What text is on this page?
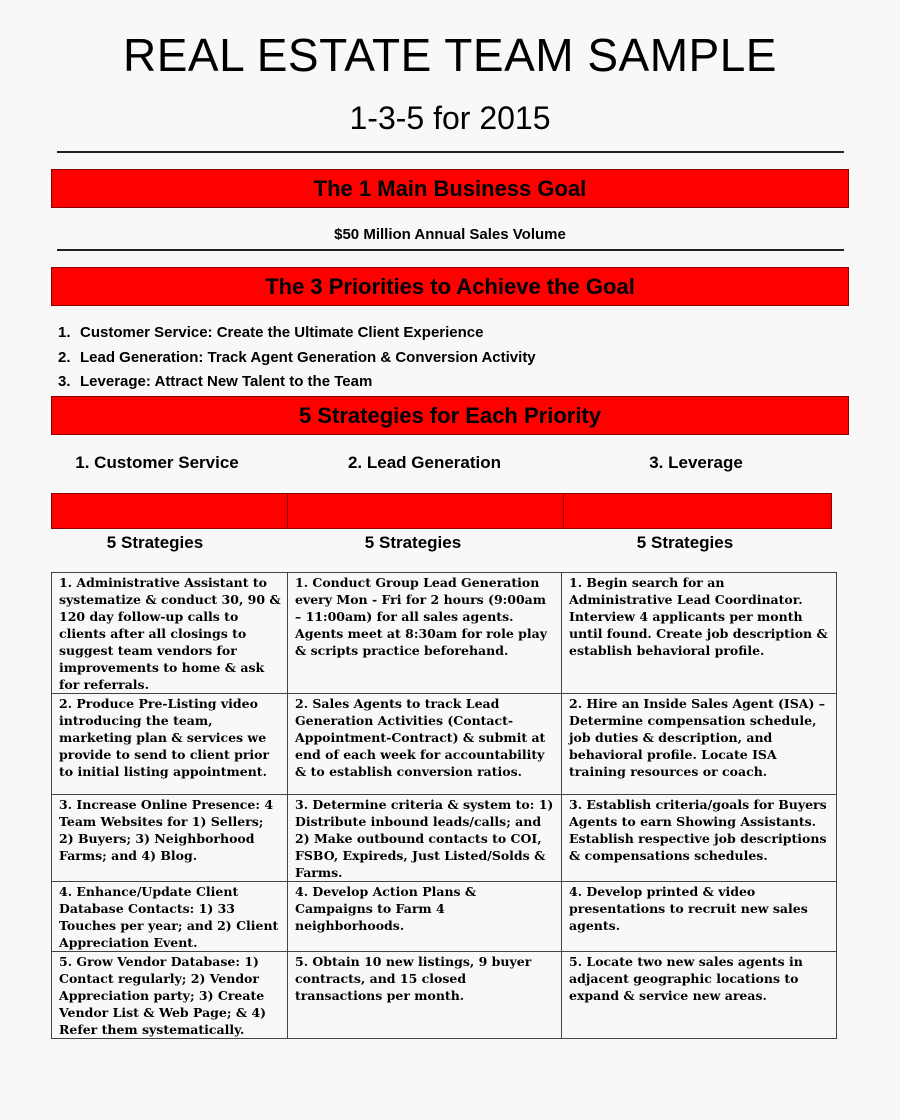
REAL ESTATE TEAM SAMPLE
1-3-5 for 2015
The 1 Main Business Goal
$50 Million Annual Sales Volume
The 3 Priorities to Achieve the Goal
1. Customer Service: Create the Ultimate Client Experience
2. Lead Generation: Track Agent Generation & Conversion Activity
3. Leverage: Attract New Talent to the Team
5 Strategies for Each Priority
1. Customer Service	2. Lead Generation	3. Leverage
5 Strategies	5 Strategies	5 Strategies
1. Administrative Assistant to systematize & conduct 30, 90 & 120 day follow-up calls to clients after all closings to suggest team vendors for improvements to home & ask for referrals.	1. Conduct Group Lead Generation every Mon - Fri for 2 hours (9:00am – 11:00am) for all sales agents. Agents meet at 8:30am for role play & scripts practice beforehand.	1. Begin search for an Administrative Lead Coordinator. Interview 4 applicants per month until found. Create job description & establish behavioral profile.
2. Produce Pre-Listing video introducing the team, marketing plan & services we provide to send to client prior to initial listing appointment.	2. Sales Agents to track Lead Generation Activities (Contact-Appointment-Contract) & submit at end of each week for accountability & to establish conversion ratios.	2. Hire an Inside Sales Agent (ISA) – Determine compensation schedule, job duties & description, and behavioral profile. Locate ISA training resources or coach.
3. Increase Online Presence: 4 Team Websites for 1) Sellers; 2) Buyers; 3) Neighborhood Farms; and 4) Blog.	3. Determine criteria & system to: 1) Distribute inbound leads/calls; and 2) Make outbound contacts to COI, FSBO, Expireds, Just Listed/Solds & Farms.	3. Establish criteria/goals for Buyers Agents to earn Showing Assistants. Establish respective job descriptions & compensations schedules.
4. Enhance/Update Client Database Contacts: 1) 33 Touches per year; and 2) Client Appreciation Event.	4. Develop Action Plans & Campaigns to Farm 4 neighborhoods.	4. Develop printed & video presentations to recruit new sales agents.
5. Grow Vendor Database: 1) Contact regularly; 2) Vendor Appreciation party; 3) Create Vendor List & Web Page; & 4) Refer them systematically.	5. Obtain 10 new listings, 9 buyer contracts, and 15 closed transactions per month.	5. Locate two new sales agents in adjacent geographic locations to expand & service new areas.
